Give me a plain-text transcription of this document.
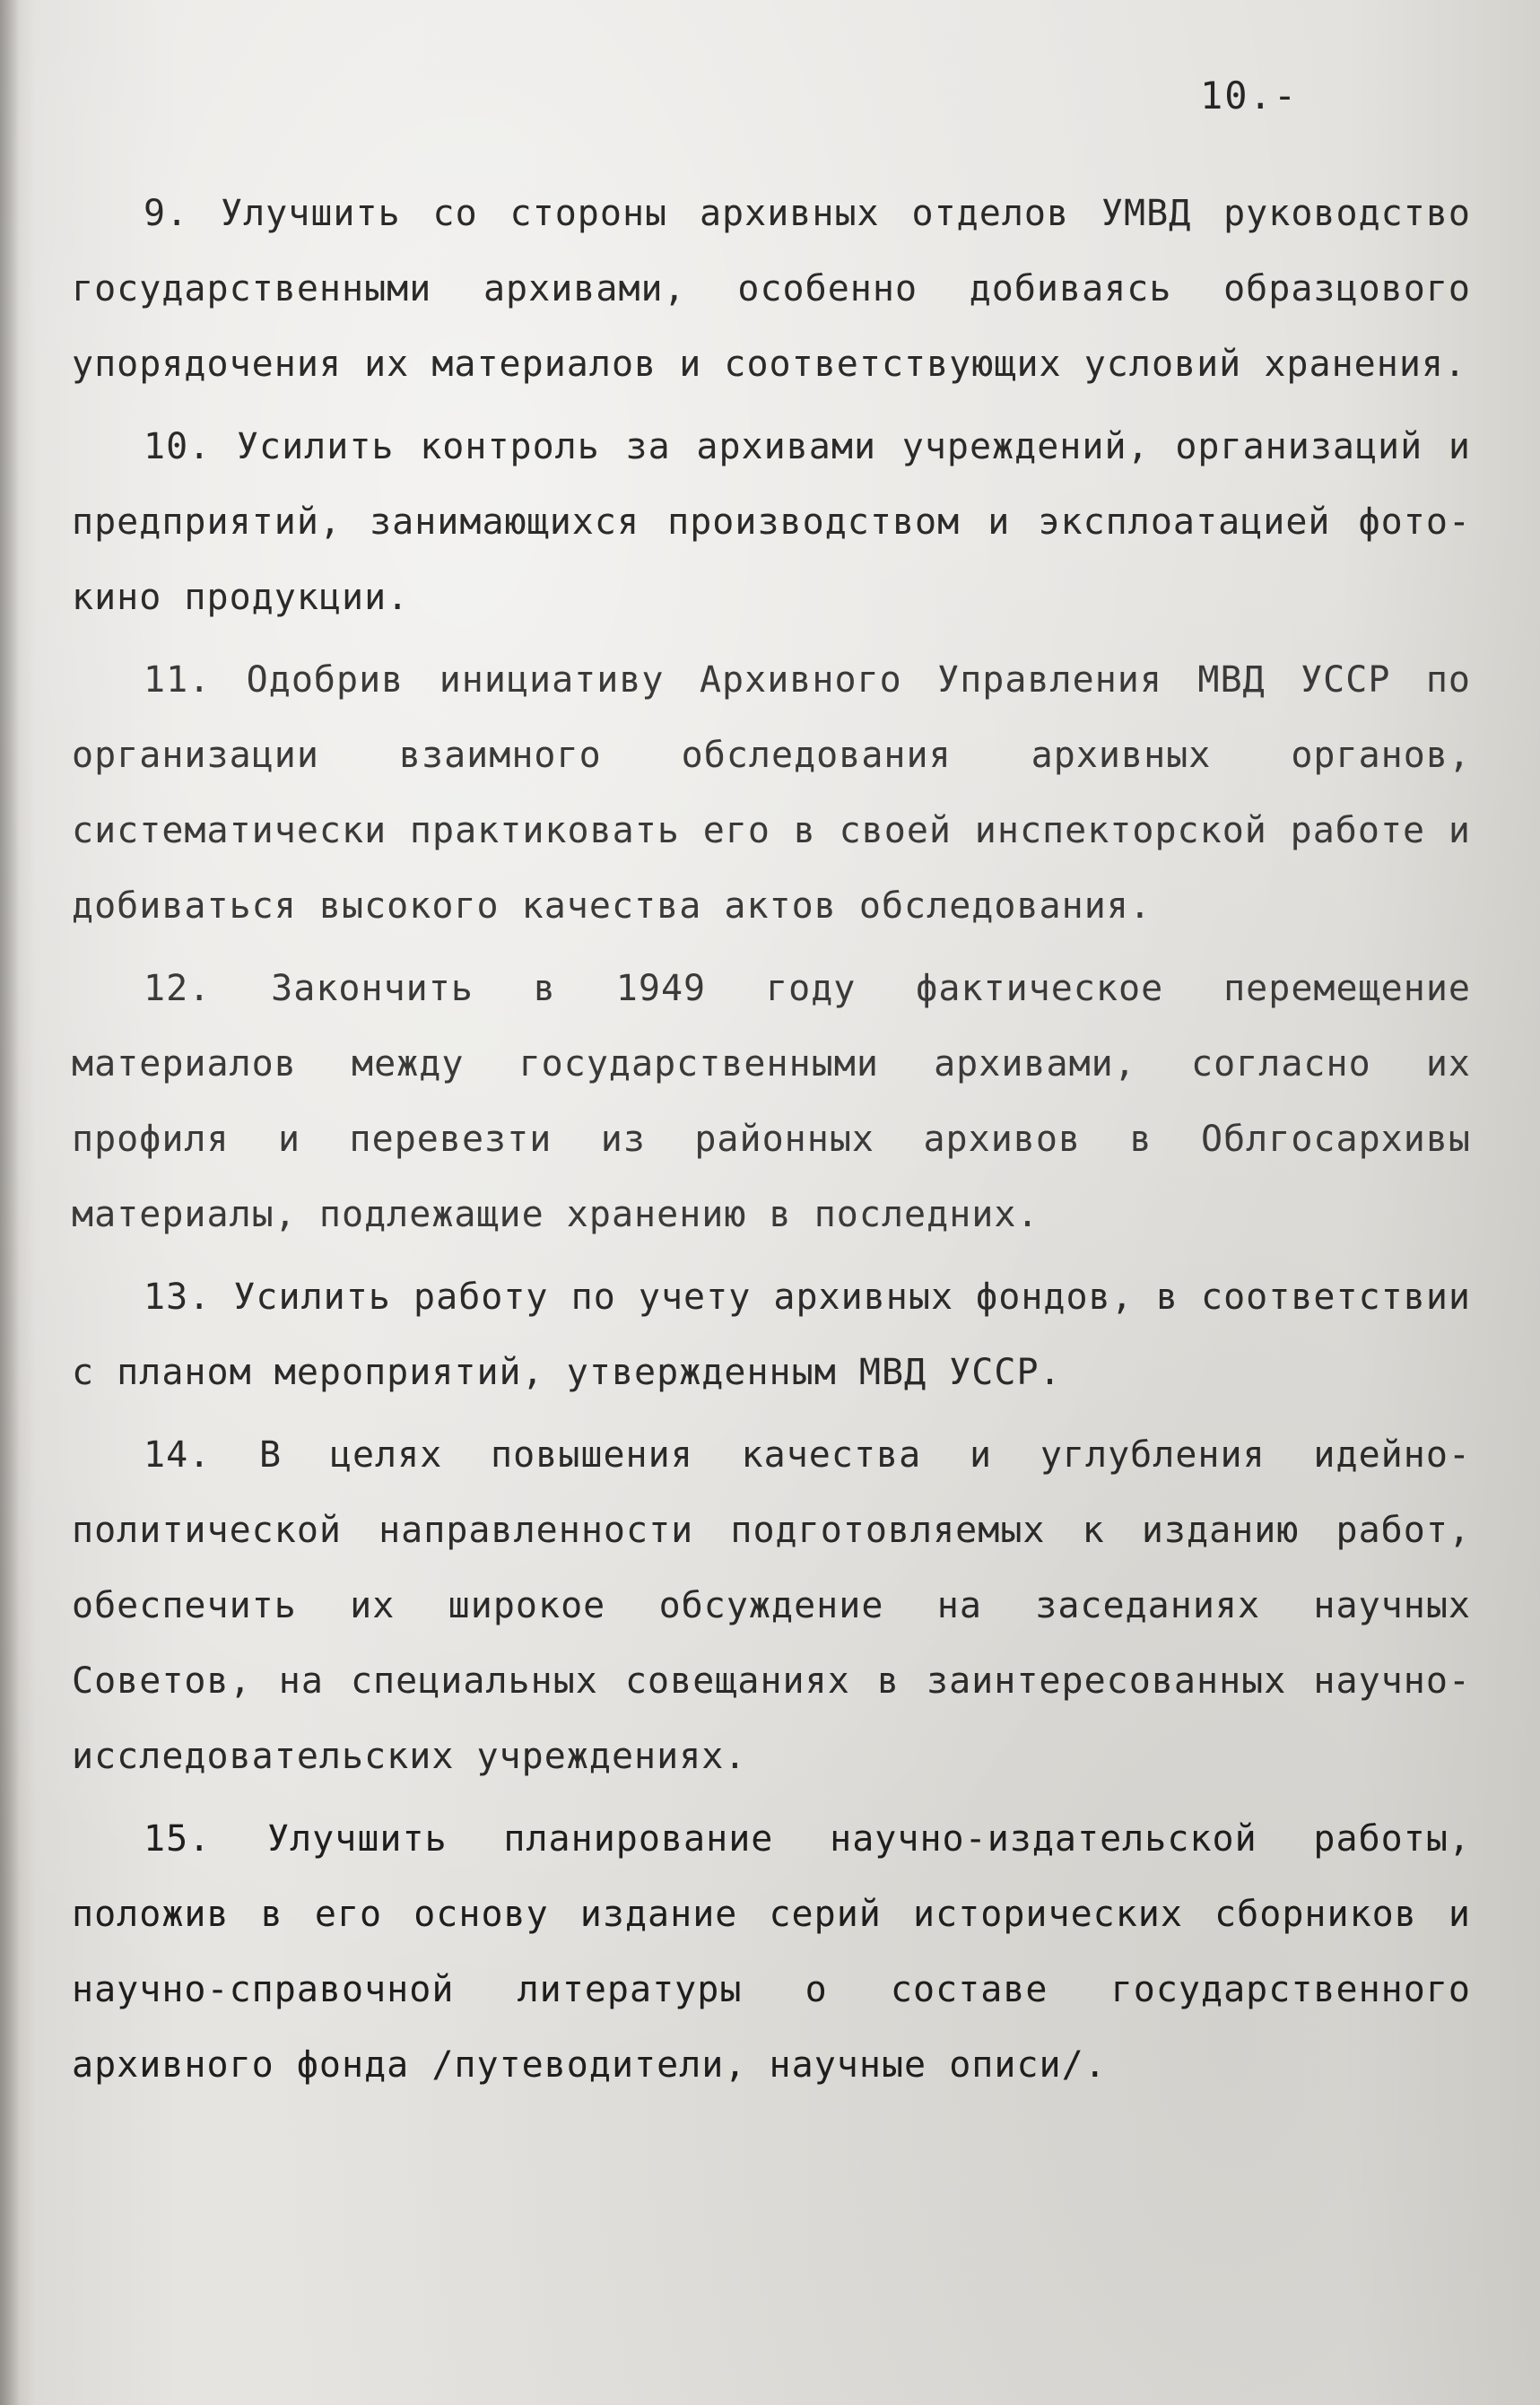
10.-

9. Улучшить со стороны архивных отделов УМВД руководство государственными архивами, особенно добиваясь образцового упорядочения их материалов и соответствующих условий хранения.

10. Усилить контроль за архивами учреждений, организаций и предприятий, занимающихся производством и эксплоатацией фото-кино продукции.

11. Одобрив инициативу Архивного Управления МВД УССР по организации взаимного обследования архивных органов, систематически практиковать его в своей инспекторской работе и добиваться высокого качества актов обследования.

12. Закончить в 1949 году фактическое перемещение материалов между государственными архивами, согласно их профиля и перевезти из районных архивов в Облгосархивы материалы, подлежащие хранению в последних.

13. Усилить работу по учету архивных фондов, в соответствии с планом мероприятий, утвержденным МВД УССР.

14. В целях повышения качества и углубления идейно-политической направленности подготовляемых к изданию работ, обеспечить их широкое обсуждение на заседаниях научных Советов, на специальных совещаниях в заинтересованных научно-исследовательских учреждениях.

15. Улучшить планирование научно-издательской работы, положив в его основу издание серий исторических сборников и научно-справочной литературы о составе государственного архивного фонда /путеводители, научные описи/.
